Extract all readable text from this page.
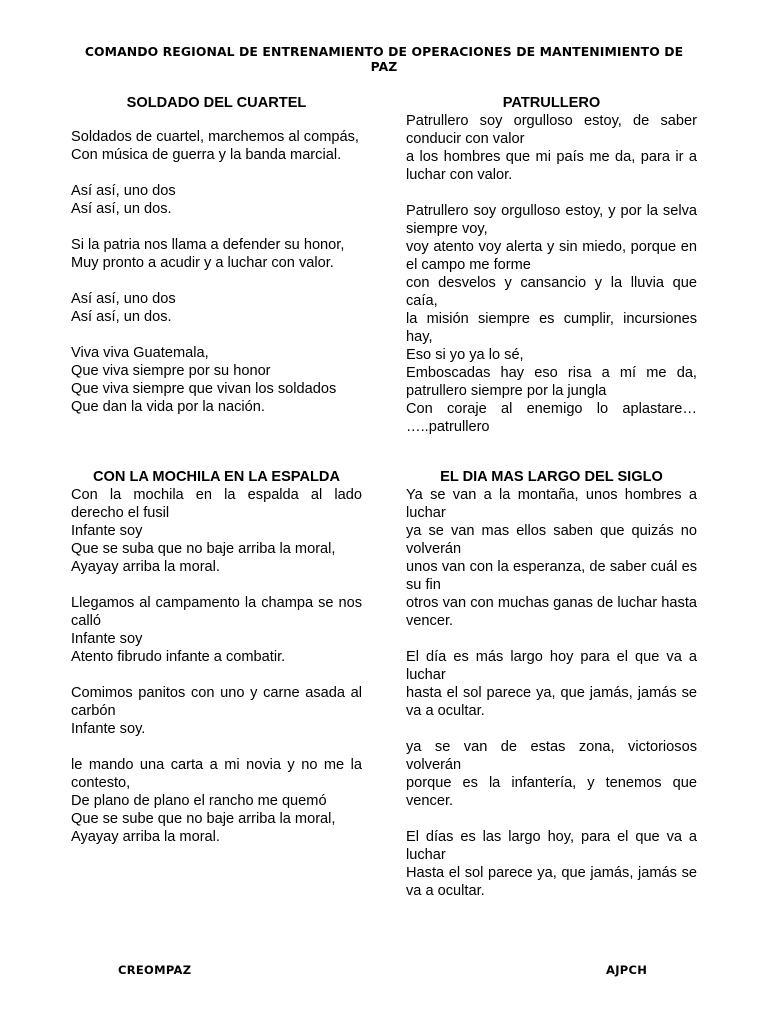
COMANDO REGIONAL DE ENTRENAMIENTO DE OPERACIONES DE MANTENIMIENTO DE
PAZ
SOLDADO DEL CUARTEL

Soldados de cuartel, marchemos al compás,

Con música de guerra y la banda marcial.

Así así, uno dos

Así así, un dos.

Si la patria nos llama a defender su honor,

Muy pronto a acudir y a luchar con valor.

Así así, uno dos

Así así, un dos.

Viva viva Guatemala,

Que viva siempre por su honor

Que viva siempre que vivan los soldados

Que dan la vida por la nación.

PATRULLERO

Patrullero soy orgulloso estoy, de saber conducir con valor

a los hombres que mi país me da, para ir a luchar con valor.

Patrullero soy orgulloso estoy, y por la selva siempre voy,

voy atento voy alerta y sin miedo, porque en el campo me forme

con desvelos y cansancio y la lluvia que caía,

la misión siempre es cumplir, incursiones hay,

Eso si yo ya lo sé,

Emboscadas hay eso risa a mí me da, patrullero siempre por la jungla

Con coraje al enemigo lo aplastare… …..patrullero

CON LA MOCHILA EN LA ESPALDA

Con la mochila en la espalda al lado derecho el fusil

Infante soy

Que se suba que no baje arriba la moral,

Ayayay arriba la moral.

Llegamos al campamento la champa se nos calló

Infante soy

Atento fibrudo infante a combatir.

Comimos panitos con uno y carne asada al carbón

Infante soy.

le mando una carta a mi novia y no me la contesto,

De plano de plano el rancho me quemó

Que se sube que no baje arriba la moral,

Ayayay arriba la moral.

EL DIA MAS LARGO DEL SIGLO

Ya se van a la montaña, unos hombres a luchar

ya se van mas ellos saben que quizás no volverán

unos van con la esperanza, de saber cuál es su fin

otros van con muchas ganas de luchar hasta vencer.

El día es más largo hoy para el que va a luchar

hasta el sol parece ya, que jamás, jamás se va a ocultar.

ya se van de estas zona, victoriosos volverán

porque es la infantería, y tenemos que vencer.

El días es las largo hoy, para el que va a luchar

Hasta el sol parece ya, que jamás, jamás se va a ocultar.

CREOMPAZ	AJPCH
